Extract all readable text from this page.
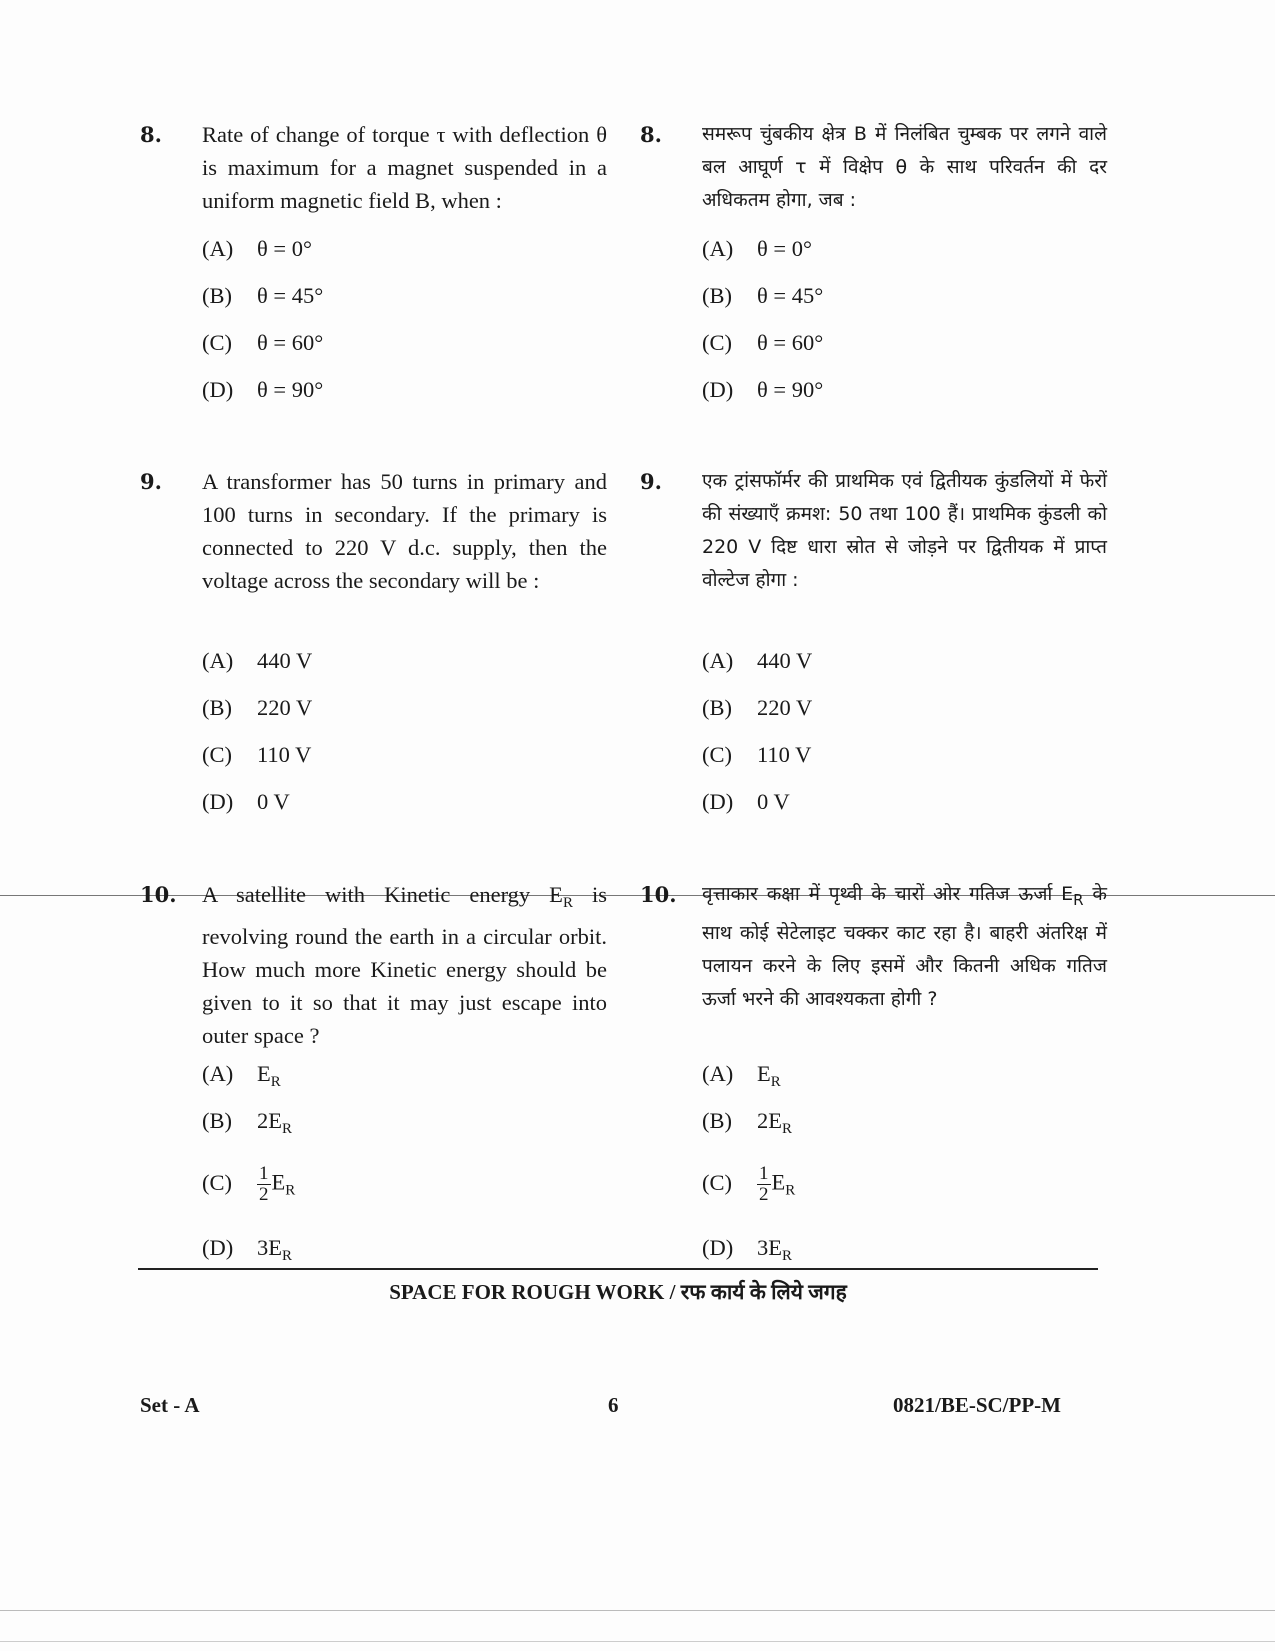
8. Rate of change of torque τ with deflection θ is maximum for a magnet suspended in a uniform magnetic field B, when :
(A) θ = 0°
(B) θ = 45°
(C) θ = 60°
(D) θ = 90°
8. समरूप चुंबकीय क्षेत्र B में निलंबित चुम्बक पर लगने वाले बल आघूर्ण τ में विक्षेप θ के साथ परिवर्तन की दर अधिकतम होगा, जब :
(A) θ = 0°
(B) θ = 45°
(C) θ = 60°
(D) θ = 90°
9. A transformer has 50 turns in primary and 100 turns in secondary. If the primary is connected to 220 V d.c. supply, then the voltage across the secondary will be :
(A) 440 V
(B) 220 V
(C) 110 V
(D) 0 V
9. एक ट्रांसफॉर्मर की प्राथमिक एवं द्वितीयक कुंडलियों में फेरों की संख्याएँ क्रमश: 50 तथा 100 हैं। प्राथमिक कुंडली को 220 V दिष्ट धारा स्रोत से जोड़ने पर द्वितीयक में प्राप्त वोल्टेज होगा :
(A) 440 V
(B) 220 V
(C) 110 V
(D) 0 V
10. A satellite with Kinetic energy $E_R$ is revolving round the earth in a circular orbit. How much more Kinetic energy should be given to it so that it may just escape into outer space ?
(A) $E_R$
(B) $2E_R$
$(C) \frac{1}{2} E_R$
(D) $3E_R$
10. वृत्ताकार कक्षा में पृथ्वी के चारों ओर गतिज ऊर्जा $E_R$ के साथ कोई सेटेलाइट चक्कर काट रहा है। बाहरी अंतरिक्ष में पलायन करने के लिए इसमें और कितनी अधिक गतिज ऊर्जा भरने की आवश्यकता होगी ?
(A) $E_R$
(B) $2E_R$
$(C) \frac{1}{2} E_R$
(D) $3E_R$
SPACE FOR ROUGH WORK / रफ कार्य के लिये जगह
Set - A	6	0821/BE-SC/PP-M
